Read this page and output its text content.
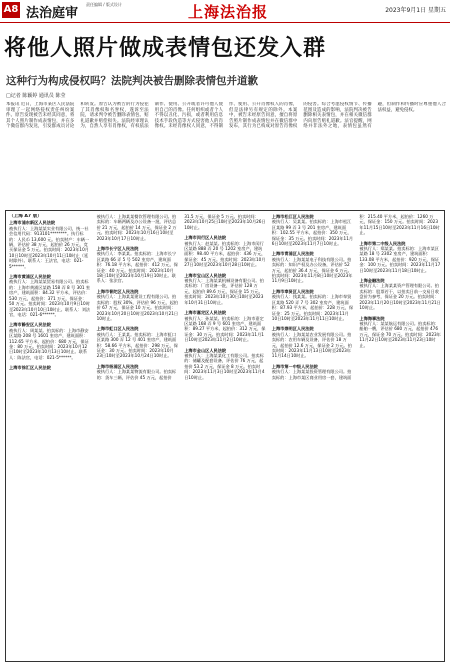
A8 法治庭审
责任编辑 / 版式设计	上海法治报	2023年9月1日 星期五
将他人照片做成表情包还发入群
这种行为构成侵权吗？法院判决被告删除表情包并道歉
□记者 陈颖婷 通讯员 陈莹
本报讯 近日，上海市某区人民法院审理了一起网络侵权责任纠纷案件。原告发现被告未经其同意，将其个人照片制作成表情包，并在多个微信群内发送，引发群成员讨论和转发。原告认为被告的行为侵犯了其肖像权和名誉权，遂诉至法院，请求判令被告删除表情包、赔礼道歉并赔偿损失。法院经审理认为，自然人享有肖像权，有权依法制作、使用、公开或者许可他人使用自己的肖像。任何组织或者个人不得以丑化、污损，或者利用信息技术手段伪造等方式侵害他人的肖像权。未经肖像权人同意，不得制作、使用、公开肖像权人的肖像，但是法律另有规定的除外。本案中，被告未经原告同意，擅自将原告照片制作成表情包并在微信群中发布，其行为已构成对原告肖像权的侵害。综合考虑侵权情节、传播范围及造成的影响，法院判决被告删除相关表情包，并在相关微信群内向原告赔礼道歉。法官提醒，网络并非法外之地，表情包虽然有趣，但制作和传播时应尊重他人合法权益，避免侵权。
（上海 A7 版）
上海市浦东新区人民法院

被执行人：上海某某实业有限公司，统一社会信用代码：913101********。执行标的：人民币 13,600 元。拍卖财产：车辆一辆，评估价 38 万元，起拍价 26 万元，竞买保证金 5 万元。拍卖时间：2023年10月10日10时至2023年10月11日10时止（延时除外）。联系人：王法官，电话：021-5******。

上海市黄浦区人民法院

被执行人：上海某某贸易有限公司。拍卖标的：上海市黄浦区某路 158 弄 8 号 301 室房产，建筑面积：84.32 平方米，评估价：530 万元，起拍价：371 万元，保证金：50 万元。拍卖时间：2023年10月9日10时至2023年10月10日10时止。联系人：刘法官，电话：021-6******。

上海市静安区人民法院

被执行人：周某某。拍卖标的：上海市静安区某路 208 号 1601 室房产，建筑面积：112.65 平方米，起拍价：680 万元，保证金：80 万元。拍卖时间：2023年10月12日10时至2023年10月13日10时止。联系人：陈法官，电话：021-5******。

上海市徐汇区人民法院

被执行人：上海某某餐饮管理有限公司。拍卖标的：车辆两辆及办公设备一批，评估总价 21 万元，起拍价 14 万元，保证金 2 万元。拍卖时间：2023年10月16日10时至2023年10月17日10时止。

上海市长宁区人民法院

被执行人：李某某。拍卖标的：上海市长宁区某路 66 弄 5 号 502 室房产，建筑面积：76.18 平方米，起拍价：412 万元，保证金：40 万元。拍卖时间：2023年10月18日10时至2023年10月19日10时止。联系人：张法官。

上海市普陀区人民法院

被执行人：上海某某建设工程有限公司。拍卖标的：股权 30%，评估价 96 万元，起拍价 67 万元，保证金 10 万元。拍卖时间：2023年10月20日10时至2023年10月21日10时止。

上海市虹口区人民法院

被执行人：王某某。拍卖标的：上海市虹口区某路 300 弄 12 号 401 室房产，建筑面积：58.66 平方米，起拍价：298 万元，保证金：30 万元。拍卖时间：2023年10月23日10时至2023年10月24日10时止。

上海市杨浦区人民法院

被执行人：上海某某物流有限公司。拍卖标的：货车三辆，评估价 45 万元，起拍价 31.5 万元，保证金 5 万元。拍卖时间：2023年10月25日10时至2023年10月26日10时止。

上海市闵行区人民法院

被执行人：赵某某。拍卖标的：上海市闵行区某路 888 弄 20 号 1202 室房产，建筑面积：98.40 平方米，起拍价：436 万元，保证金：45 万元。拍卖时间：2023年10月27日10时至2023年10月28日10时止。

上海市宝山区人民法院

被执行人：上海某某机械设备有限公司。拍卖标的：厂房设备一批，评估价 128 万元，起拍价 89.6 万元，保证金 15 万元。拍卖时间：2023年10月30日10时至2023年10月31日10时止。

上海市嘉定区人民法院

被执行人：孙某某。拍卖标的：上海市嘉定区某路 168 弄 9 号 601 室房产，建筑面积：89.27 平方米，起拍价：312 万元，保证金：30 万元。拍卖时间：2023年11月1日10时至2023年11月2日10时止。

上海市金山区人民法院

被执行人：上海某某化工有限公司。拍卖标的：储罐及配套设备，评估价 76 万元，起拍价 53.2 万元，保证金 8 万元。拍卖时间：2023年11月3日10时至2023年11月4日10时止。

上海市松江区人民法院

被执行人：吴某某。拍卖标的：上海市松江区某路 99 弄 3 号 201 室房产，建筑面积：102.55 平方米，起拍价：350 万元，保证金：35 万元。拍卖时间：2023年11月6日10时至2023年11月7日10时止。

上海市青浦区人民法院

被执行人：上海某某电子科技有限公司。拍卖标的：知识产权及办公设备，评估价 52 万元，起拍价 36.4 万元，保证金 6 万元。拍卖时间：2023年11月8日10时至2023年11月9日10时止。

上海市奉贤区人民法院

被执行人：钱某某。拍卖标的：上海市奉贤区某路 520 弄 7 号 302 室房产，建筑面积：87.93 平方米，起拍价：228 万元，保证金：25 万元。拍卖时间：2023年11月10日10时至2023年11月11日10时止。

上海市崇明区人民法院

被执行人：上海某某农业发展有限公司。拍卖标的：农用车辆及设备，评估价 18 万元，起拍价 12.6 万元，保证金 2 万元。拍卖时间：2023年11月13日10时至2023年11月14日10时止。

上海市第一中级人民法院

被执行人：上海某某投资管理有限公司。拍卖标的：上海市某区商业用房一套，建筑面积：215.40 平方米，起拍价：1260 万元，保证金：150 万元。拍卖时间：2023年11月15日10时至2023年11月16日10时止。

上海市第二中级人民法院

被执行人：郑某某。拍卖标的：上海市某区某路 18 号 2302 室房产，建筑面积：133.08 平方米，起拍价：920 万元，保证金：100 万元。拍卖时间：2023年11月17日10时至2023年11月18日10时止。

上海金融法院

被执行人：上海某某资产管理有限公司。拍卖标的：股票若干，以拍卖日前一交易日收盘价为参考，保证金 20 万元。拍卖时间：2023年11月20日10时至2023年11月21日10时止。

上海海事法院

被执行人：某某航运有限公司。拍卖标的：船舶一艘，评估价 680 万元，起拍价 476 万元，保证金 70 万元。拍卖时间：2023年11月22日10时至2023年11月23日10时止。
